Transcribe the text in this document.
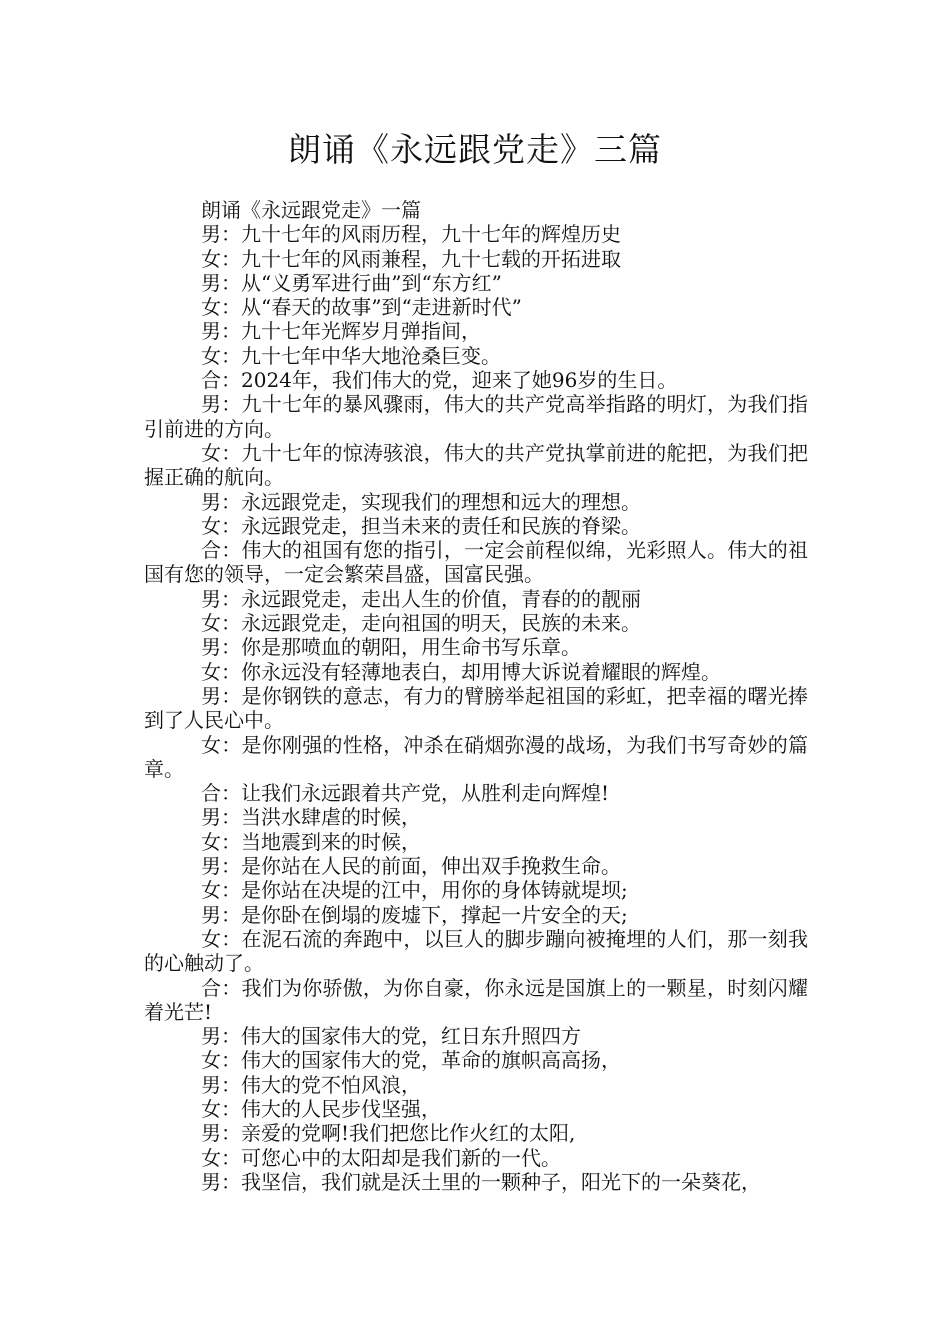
朗诵《永远跟党走》三篇

朗诵《永远跟党走》一篇

男：九十七年的风雨历程，九十七年的辉煌历史

女：九十七年的风雨兼程，九十七载的开拓进取

男：从“义勇军进行曲”到“东方红”

女：从“春天的故事”到“走进新时代”

男：九十七年光辉岁月弹指间，

女：九十七年中华大地沧桑巨变。

合：2024年，我们伟大的党，迎来了她96岁的生日。

男：九十七年的暴风骤雨，伟大的共产党高举指路的明灯，为我们指引前进的方向。

女：九十七年的惊涛骇浪，伟大的共产党执掌前进的舵把，为我们把握正确的航向。

男：永远跟党走，实现我们的理想和远大的理想。

女：永远跟党走，担当未来的责任和民族的脊梁。

合：伟大的祖国有您的指引，一定会前程似绵，光彩照人。伟大的祖国有您的领导，一定会繁荣昌盛，国富民强。

男：永远跟党走，走出人生的价值，青春的的靓丽

女：永远跟党走，走向祖国的明天，民族的未来。

男：你是那喷血的朝阳，用生命书写乐章。

女：你永远没有轻薄地表白，却用博大诉说着耀眼的辉煌。

男：是你钢铁的意志，有力的臂膀举起祖国的彩虹，把幸福的曙光捧到了人民心中。

女：是你刚强的性格，冲杀在硝烟弥漫的战场，为我们书写奇妙的篇章。

合：让我们永远跟着共产党，从胜利走向辉煌!

男：当洪水肆虐的时候，

女：当地震到来的时候，

男：是你站在人民的前面，伸出双手挽救生命。

女：是你站在决堤的江中，用你的身体铸就堤坝;

男：是你卧在倒塌的废墟下，撑起一片安全的天;

女：在泥石流的奔跑中，以巨人的脚步蹦向被掩埋的人们，那一刻我的心触动了。

合：我们为你骄傲，为你自豪，你永远是国旗上的一颗星，时刻闪耀着光芒!

男：伟大的国家伟大的党，红日东升照四方

女：伟大的国家伟大的党，革命的旗帜高高扬，

男：伟大的党不怕风浪，

女：伟大的人民步伐坚强，

男：亲爱的党啊!我们把您比作火红的太阳,

女：可您心中的太阳却是我们新的一代。

男：我坚信，我们就是沃土里的一颗种子，阳光下的一朵葵花，
